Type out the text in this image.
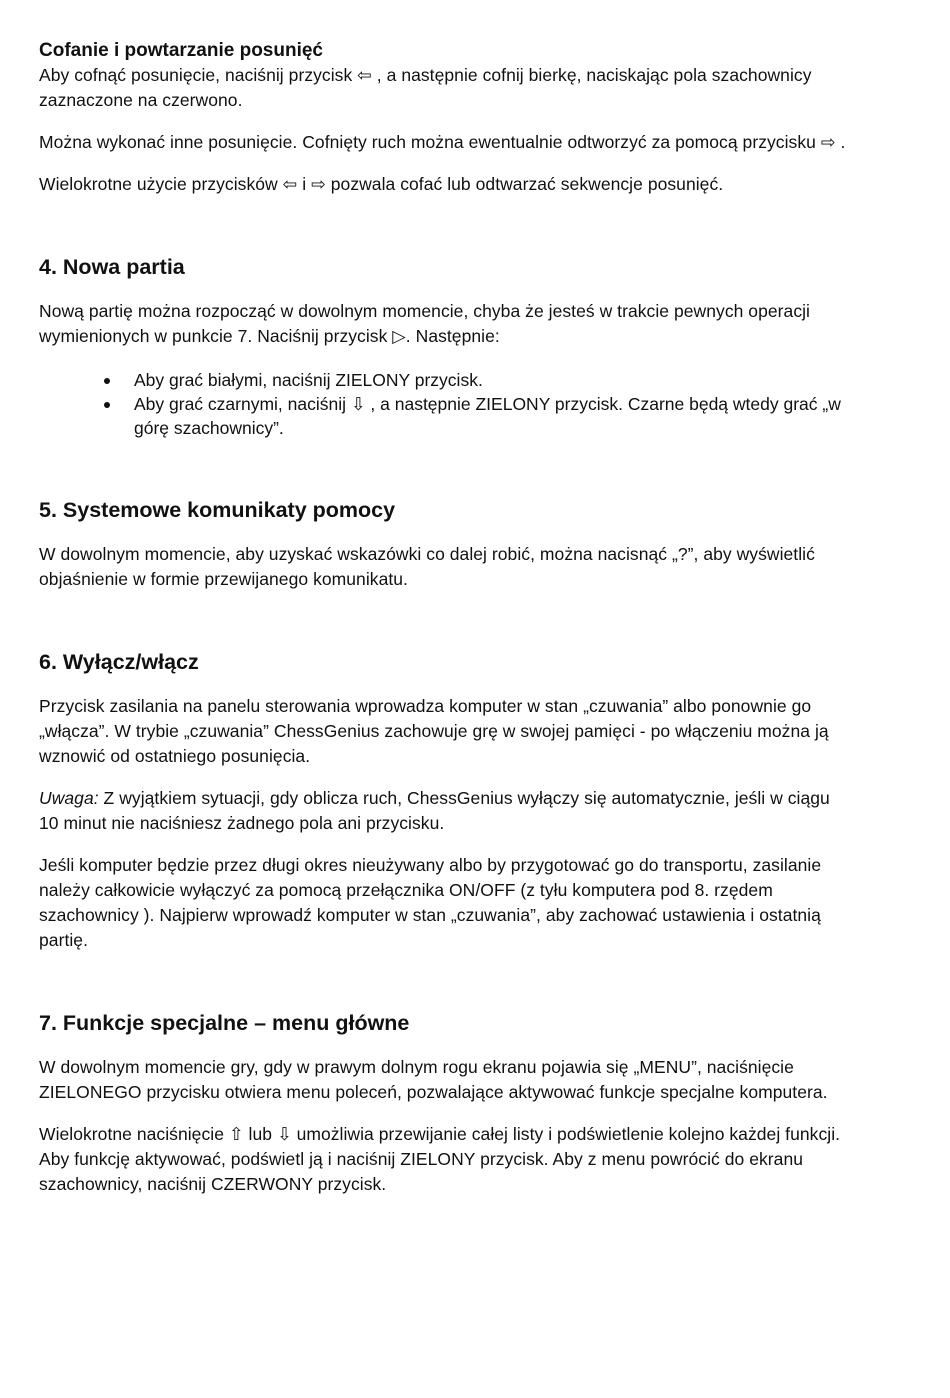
Cofanie i powtarzanie posunięć

Aby cofnąć posunięcie, naciśnij przycisk ⇦ , a następnie cofnij bierkę, naciskając pola szachownicy zaznaczone na czerwono.

Można wykonać inne posunięcie. Cofnięty ruch można ewentualnie odtworzyć za pomocą przycisku ⇨ .

Wielokrotne użycie przycisków ⇦ i ⇨ pozwala cofać lub odtwarzać sekwencje posunięć.

4. Nowa partia

Nową partię można rozpocząć w dowolnym momencie, chyba że jesteś w trakcie pewnych operacji wymienionych w punkcie 7. Naciśnij przycisk ▷. Następnie:

Aby grać białymi, naciśnij ZIELONY przycisk.
Aby grać czarnymi, naciśnij ⇩ , a następnie ZIELONY przycisk. Czarne będą wtedy grać „w górę szachownicy”.
5. Systemowe komunikaty pomocy

W dowolnym momencie, aby uzyskać wskazówki co dalej robić, można nacisnąć „?”, aby wyświetlić objaśnienie w formie przewijanego komunikatu.

6. Wyłącz/włącz

Przycisk zasilania na panelu sterowania wprowadza komputer w stan „czuwania” albo ponownie go „włącza”. W trybie „czuwania” ChessGenius zachowuje grę w swojej pamięci - po włączeniu można ją wznowić od ostatniego posunięcia.

Uwaga: Z wyjątkiem sytuacji, gdy oblicza ruch, ChessGenius wyłączy się automatycznie, jeśli w ciągu 10 minut nie naciśniesz żadnego pola ani przycisku.

Jeśli komputer będzie przez długi okres nieużywany albo by przygotować go do transportu, zasilanie należy całkowicie wyłączyć za pomocą przełącznika ON/OFF (z tyłu komputera pod 8. rzędem szachownicy ). Najpierw wprowadź komputer w stan „czuwania”, aby zachować ustawienia i ostatnią partię.

7. Funkcje specjalne – menu główne

W dowolnym momencie gry, gdy w prawym dolnym rogu ekranu pojawia się „MENU”, naciśnięcie ZIELONEGO przycisku otwiera menu poleceń, pozwalające aktywować funkcje specjalne komputera.

Wielokrotne naciśnięcie ⇧ lub ⇩ umożliwia przewijanie całej listy i podświetlenie kolejno każdej funkcji. Aby funkcję aktywować, podświetl ją i naciśnij ZIELONY przycisk. Aby z menu powrócić do ekranu szachownicy, naciśnij CZERWONY przycisk.
